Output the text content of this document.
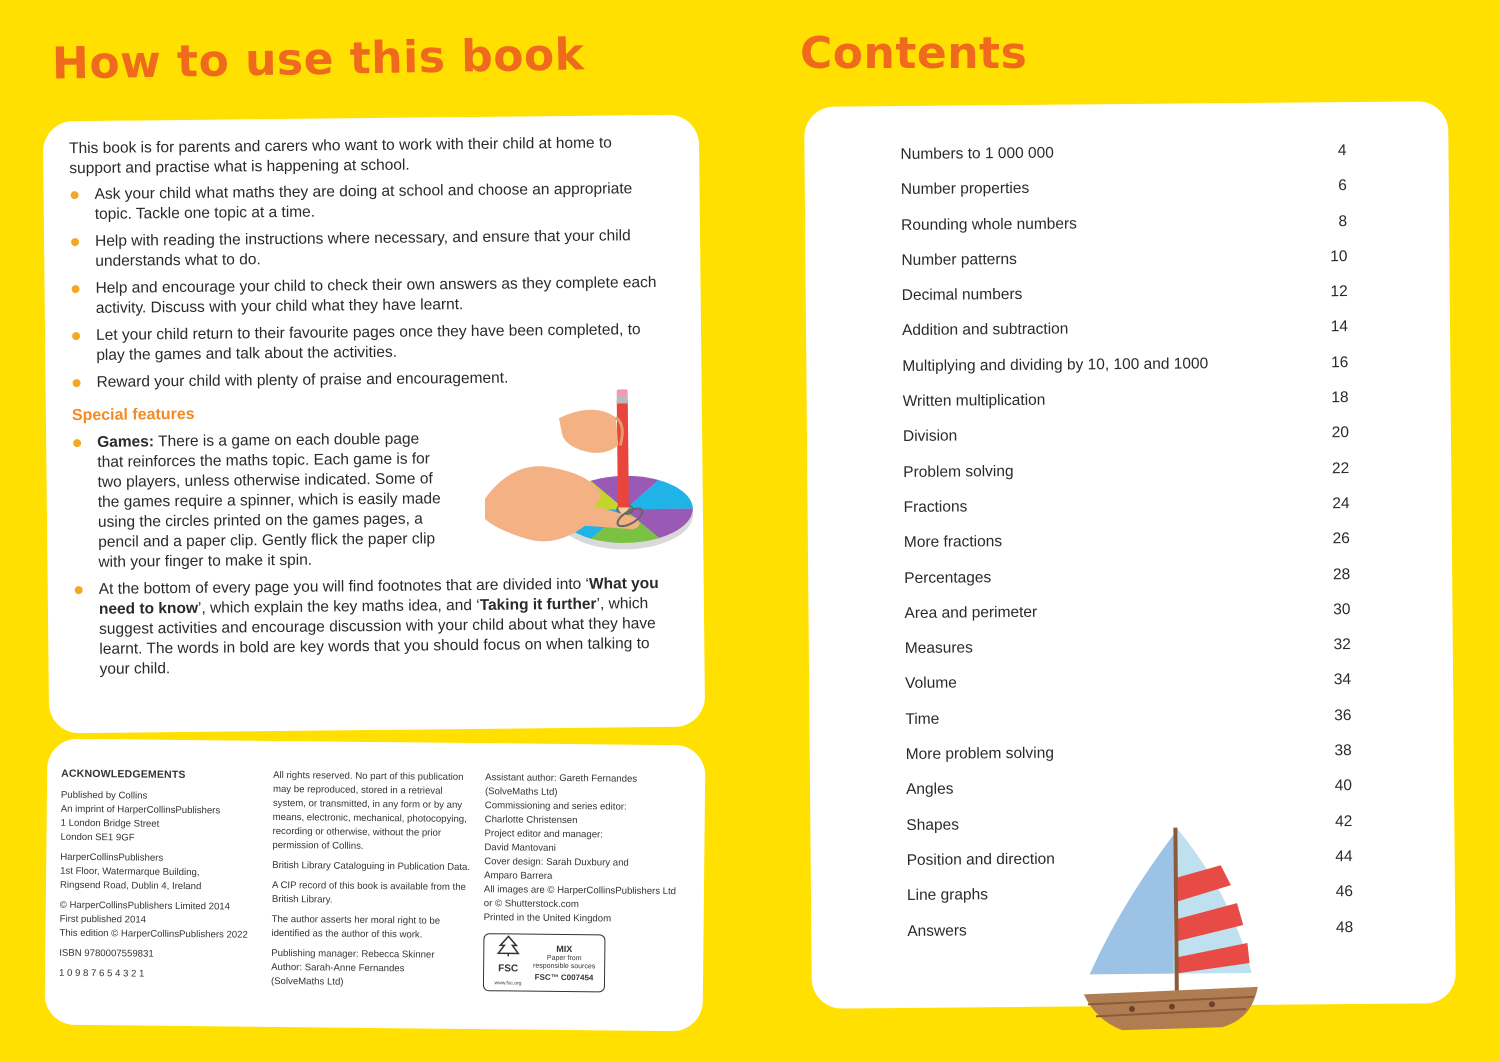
How to use this book	Contents

This book is for parents and carers who want to work with their child at home to support and practise what is happening at school.

Ask your child what maths they are doing at school and choose an appropriate topic. Tackle one topic at a time.
Help with reading the instructions where necessary, and ensure that your child understands what to do.
Help and encourage your child to check their own answers as they complete each activity. Discuss with your child what they have learnt.
Let your child return to their favourite pages once they have been completed, to play the games and talk about the activities.
Reward your child with plenty of praise and encouragement.
Special features
Games: There is a game on each double page that reinforces the maths topic. Each game is for two players, unless otherwise indicated. Some of the games require a spinner, which is easily made using the circles printed on the games pages, a pencil and a paper clip. Gently flick the paper clip with your finger to make it spin.
At the bottom of every page you will find footnotes that are divided into ‘What you need to know’, which explain the key maths idea, and ‘Taking it further’, which suggest activities and encourage discussion with your child about what they have learnt. The words in bold are key words that you should focus on when talking to your child.
ACKNOWLEDGEMENTS

Published by Collins
An imprint of HarperCollinsPublishers
1 London Bridge Street
London SE1 9GF

HarperCollinsPublishers
1st Floor, Watermarque Building,
Ringsend Road, Dublin 4, Ireland

© HarperCollinsPublishers Limited 2014
First published 2014
This edition © HarperCollinsPublishers 2022

ISBN 9780007559831

1 0 9 8 7 6 5 4 3 2 1

All rights reserved. No part of this publication may be reproduced, stored in a retrieval system, or transmitted, in any form or by any means, electronic, mechanical, photocopying, recording or otherwise, without the prior permission of Collins.

British Library Cataloguing in Publication Data.

A CIP record of this book is available from the British Library.

The author asserts her moral right to be identified as the author of this work.

Publishing manager: Rebecca Skinner
Author: Sarah-Anne Fernandes
(SolveMaths Ltd)

Assistant author: Gareth Fernandes
(SolveMaths Ltd)
Commissioning and series editor:
Charlotte Christensen
Project editor and manager:
David Mantovani
Cover design: Sarah Duxbury and
Amparo Barrera
All images are © HarperCollinsPublishers Ltd
or © Shutterstock.com
Printed in the United Kingdom

FSC
www.fsc.org
MIX
Paper from responsible sources
FSC™ C007454
Numbers to 1 000 000	4
Number properties	6
Rounding whole numbers	8
Number patterns	10
Decimal numbers	12
Addition and subtraction	14
Multiplying and dividing by 10, 100 and 1000	16
Written multiplication	18
Division	20
Problem solving	22
Fractions	24
More fractions	26
Percentages	28
Area and perimeter	30
Measures	32
Volume	34
Time	36
More problem solving	38
Angles	40
Shapes	42
Position and direction	44
Line graphs	46
Answers	48
